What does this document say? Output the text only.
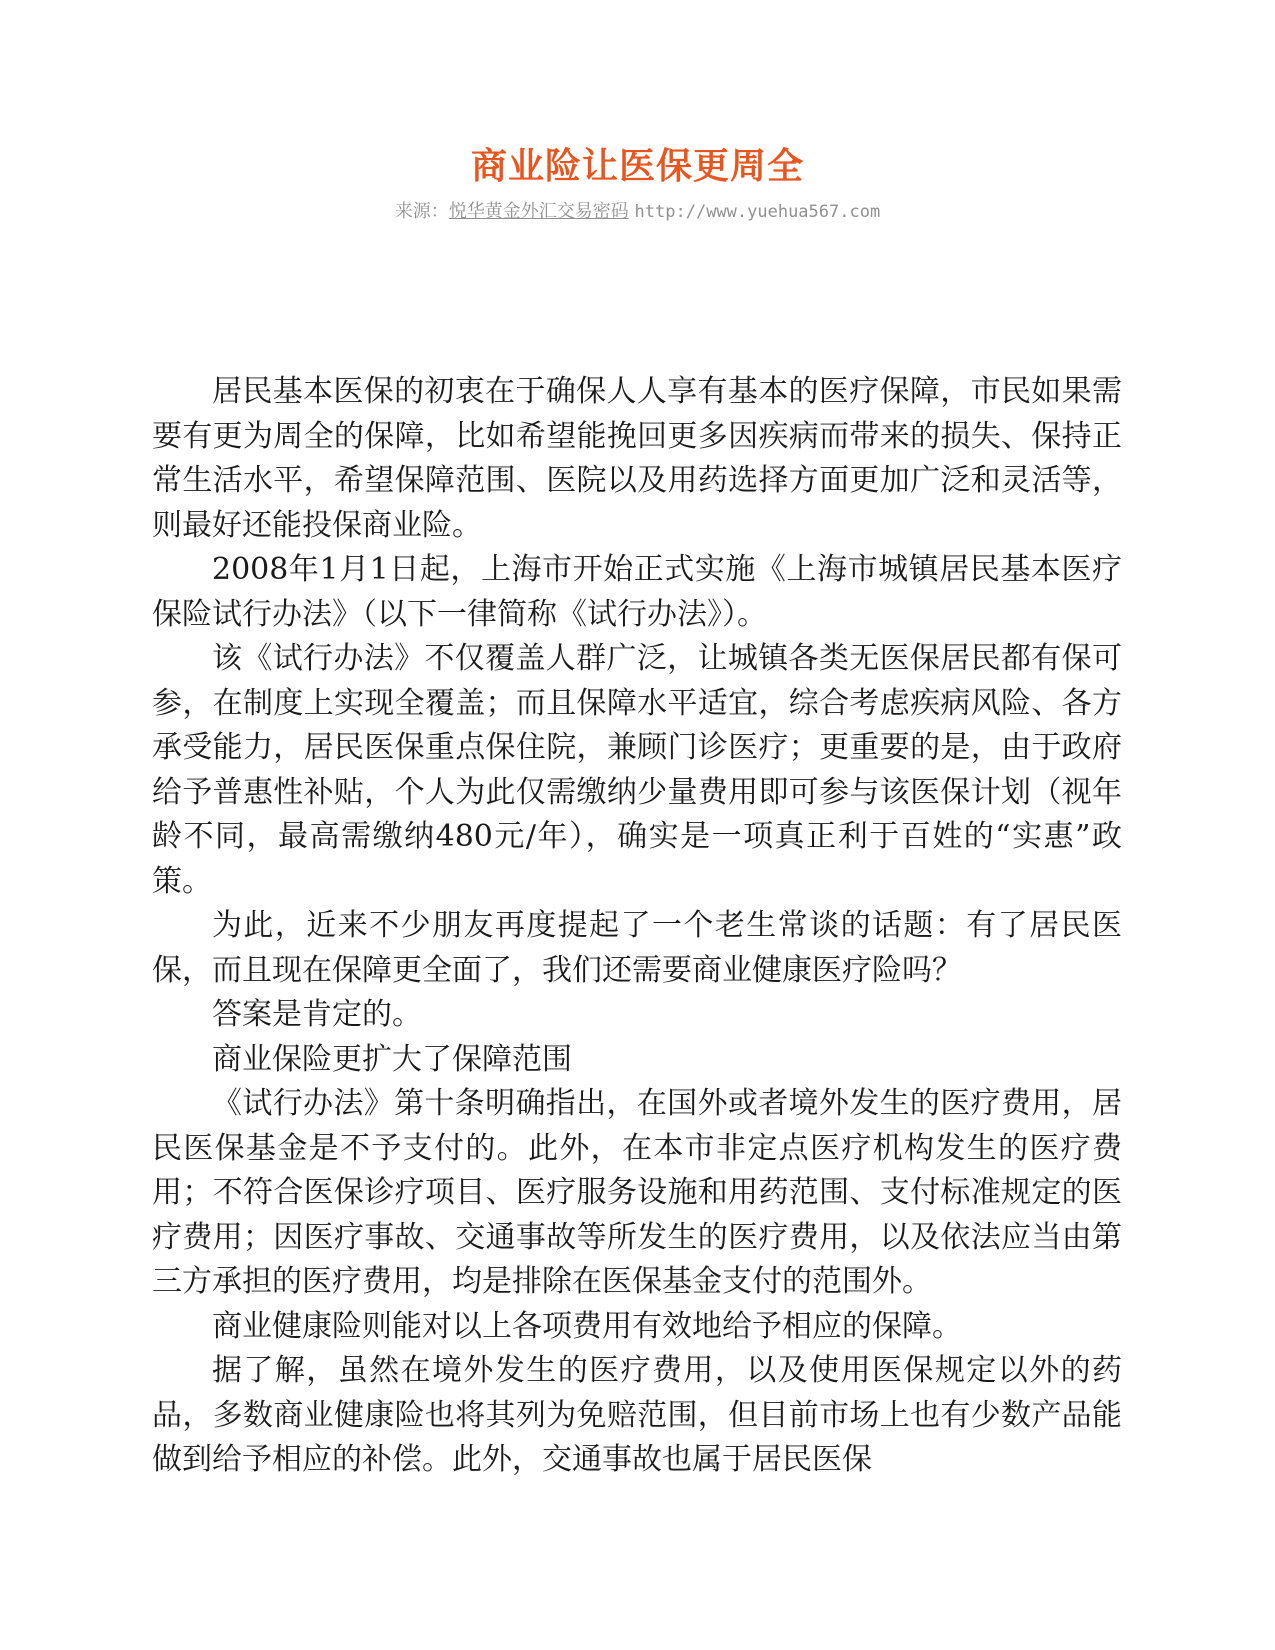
商业险让医保更周全
来源：悦华黄金外汇交易密码 http://www.yuehua567.com

居民基本医保的初衷在于确保人人享有基本的医疗保障，市民如果需要有更为周全的保障，比如希望能挽回更多因疾病而带来的损失、保持正常生活水平，希望保障范围、医院以及用药选择方面更加广泛和灵活等，则最好还能投保商业险。

2008年1月1日起，上海市开始正式实施《上海市城镇居民基本医疗保险试行办法》（以下一律简称《试行办法》）。

该《试行办法》不仅覆盖人群广泛，让城镇各类无医保居民都有保可参，在制度上实现全覆盖；而且保障水平适宜，综合考虑疾病风险、各方承受能力，居民医保重点保住院，兼顾门诊医疗；更重要的是，由于政府给予普惠性补贴，个人为此仅需缴纳少量费用即可参与该医保计划（视年龄不同，最高需缴纳480元/年），确实是一项真正利于百姓的“实惠”政策。

为此，近来不少朋友再度提起了一个老生常谈的话题：有了居民医保，而且现在保障更全面了，我们还需要商业健康医疗险吗？

答案是肯定的。

商业保险更扩大了保障范围

《试行办法》第十条明确指出，在国外或者境外发生的医疗费用，居民医保基金是不予支付的。此外，在本市非定点医疗机构发生的医疗费用；不符合医保诊疗项目、医疗服务设施和用药范围、支付标准规定的医疗费用；因医疗事故、交通事故等所发生的医疗费用，以及依法应当由第三方承担的医疗费用，均是排除在医保基金支付的范围外。

商业健康险则能对以上各项费用有效地给予相应的保障。

据了解，虽然在境外发生的医疗费用，以及使用医保规定以外的药品，多数商业健康险也将其列为免赔范围，但目前市场上也有少数产品能做到给予相应的补偿。此外，交通事故也属于居民医保
